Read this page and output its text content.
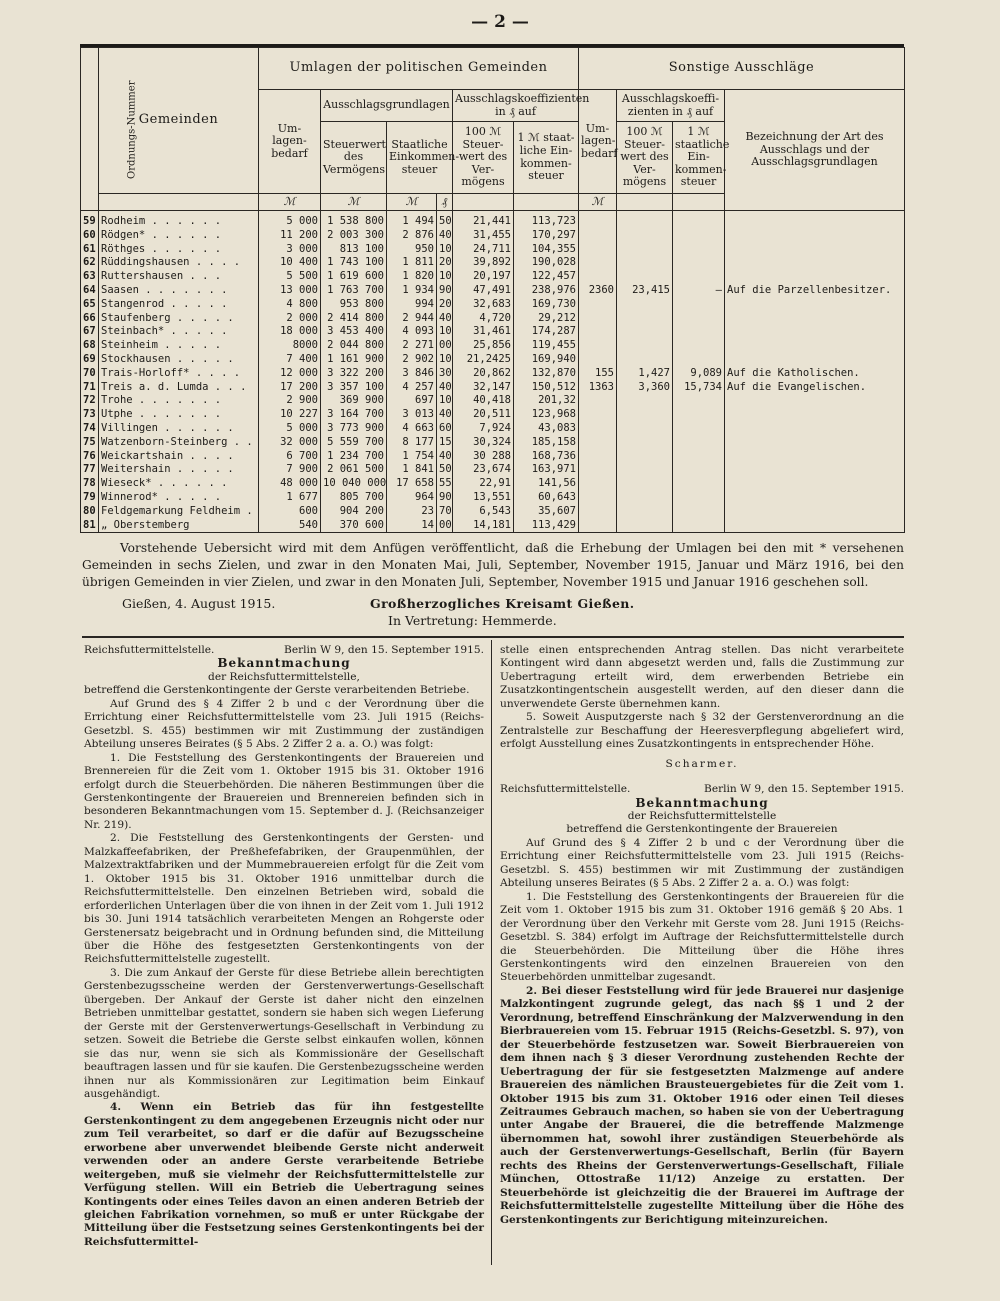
— 2 —
Ordnungs-Nummer	Gemeinden	Umlagen der politischen Gemeinden						Sonstige Ausschläge			
		Um-lagen-bedarf	Ausschlagsgrundlagen			Ausschlagskoeffizienten in ₰ auf		Um-lagen-bedarf	Ausschlagskoeffi-zienten in ₰ auf		Bezeichnung der Art des Ausschlags und der Ausschlagsgrundlagen
			Steuerwert des Vermögens	Staatliche Einkommen-steuer		100 ℳ Steuer-wert des Ver-mögens	1 ℳ staat-liche Ein-kommen-steuer		100 ℳ Steuer-wert des Ver-mögens	1 ℳ staatliche Ein-kommen-steuer	
		ℳ	ℳ	ℳ	₰			ℳ			
59	Rodheim . . . . . .	5 000	1 538 800	1 494	50	21,441	113,723				
60	Rödgen* . . . . . .	11 200	2 003 300	2 876	40	31,455	170,297				
61	Röthges . . . . . .	3 000	813 100	950	10	24,711	104,355				
62	Rüddingshausen . . . .	10 400	1 743 100	1 811	20	39,892	190,028				
63	Ruttershausen . . .	5 500	1 619 600	1 820	10	20,197	122,457				
64	Saasen . . . . . . .	13 000	1 763 700	1 934	90	47,491	238,976	2360	23,415	—	Auf die Parzellenbesitzer.
65	Stangenrod . . . . .	4 800	953 800	994	20	32,683	169,730				
66	Staufenberg . . . . .	2 000	2 414 800	2 944	40	4,720	29,212				
67	Steinbach* . . . . .	18 000	3 453 400	4 093	10	31,461	174,287				
68	Steinheim . . . . .	8000	2 044 800	2 271	00	25,856	119,455				
69	Stockhausen . . . . .	7 400	1 161 900	2 902	10	21,2425	169,940				
70	Trais-Horloff* . . . .	12 000	3 322 200	3 846	30	20,862	132,870	155	1,427	9,089	Auf die Katholischen.
71	Treis a. d. Lumda . . .	17 200	3 357 100	4 257	40	32,147	150,512	1363	3,360	15,734	Auf die Evangelischen.
72	Trohe . . . . . . .	2 900	369 900	697	10	40,418	201,32				
73	Utphe . . . . . . .	10 227	3 164 700	3 013	40	20,511	123,968				
74	Villingen . . . . . .	5 000	3 773 900	4 663	60	7,924	43,083				
75	Watzenborn-Steinberg . .	32 000	5 559 700	8 177	15	30,324	185,158				
76	Weickartshain . . . .	6 700	1 234 700	1 754	40	30 288	168,736				
77	Weitershain . . . . .	7 900	2 061 500	1 841	50	23,674	163,971				
78	Wieseck* . . . . . .	48 000	10 040 000	17 658	55	22,91	141,56				
79	Winnerod* . . . . .	1 677	805 700	964	90	13,551	60,643				
80	Feldgemarkung Feldheim .	600	904 200	23	70	6,543	35,607				
81	„ Oberstemberg	540	370 600	14	00	14,181	113,429				

Vorstehende Uebersicht wird mit dem Anfügen veröffentlicht, daß die Erhebung der Umlagen bei den mit * versehenen Gemeinden in sechs Zielen, und zwar in den Monaten Mai, Juli, September, November 1915, Januar und März 1916, bei den übrigen Gemeinden in vier Zielen, und zwar in den Monaten Juli, September, November 1915 und Januar 1916 geschehen soll.

Gießen, 4. August 1915.	Großherzogliches Kreisamt Gießen.
In Vertretung: Hemmerde.
Reichsfuttermittelstelle.	Berlin W 9, den 15. September 1915.

Bekanntmachung

der Reichsfuttermittelstelle,

betreffend die Gerstenkontingente der Gerste verarbeitenden Betriebe.

Auf Grund des § 4 Ziffer 2 b und c der Verordnung über die Errichtung einer Reichsfuttermittelstelle vom 23. Juli 1915 (Reichs-Gesetzbl. S. 455) bestimmen wir mit Zustimmung der zuständigen Abteilung unseres Beirates (§ 5 Abs. 2 Ziffer 2 a. a. O.) was folgt:

1. Die Feststellung des Gerstenkontingents der Brauereien und Brennereien für die Zeit vom 1. Oktober 1915 bis 31. Oktober 1916 erfolgt durch die Steuerbehörden. Die näheren Bestimmungen über die Gerstenkontingente der Brauereien und Brennereien befinden sich in besonderen Bekanntmachungen vom 15. September d. J. (Reichsanzeiger Nr. 219).

2. Die Feststellung des Gerstenkontingents der Gersten- und Malzkaffeefabriken, der Preßhefefabriken, der Graupenmühlen, der Malzextraktfabriken und der Mummebrauereien erfolgt für die Zeit vom 1. Oktober 1915 bis 31. Oktober 1916 unmittelbar durch die Reichsfuttermittelstelle. Den einzelnen Betrieben wird, sobald die erforderlichen Unterlagen über die von ihnen in der Zeit vom 1. Juli 1912 bis 30. Juni 1914 tatsächlich verarbeiteten Mengen an Rohgerste oder Gerstenersatz beigebracht und in Ordnung befunden sind, die Mitteilung über die Höhe des festgesetzten Gerstenkontingents von der Reichsfuttermittelstelle zugestellt.

3. Die zum Ankauf der Gerste für diese Betriebe allein berechtigten Gerstenbezugsscheine werden der Gerstenverwertungs-Gesellschaft übergeben. Der Ankauf der Gerste ist daher nicht den einzelnen Betrieben unmittelbar gestattet, sondern sie haben sich wegen Lieferung der Gerste mit der Gerstenverwertungs-Gesellschaft in Verbindung zu setzen. Soweit die Betriebe die Gerste selbst einkaufen wollen, können sie das nur, wenn sie sich als Kommissionäre der Gesellschaft beauftragen lassen und für sie kaufen. Die Gerstenbezugsscheine werden ihnen nur als Kommissionären zur Legitimation beim Einkauf ausgehändigt.

4. Wenn ein Betrieb das für ihn festgestellte Gerstenkontingent zu dem angegebenen Erzeugnis nicht oder nur zum Teil verarbeitet, so darf er die dafür auf Bezugsscheine erworbene aber unverwendet bleibende Gerste nicht anderweit verwenden oder an andere Gerste verarbeitende Betriebe weitergeben, muß sie vielmehr der Reichsfuttermittelstelle zur Verfügung stellen. Will ein Betrieb die Uebertragung seines Kontingents oder eines Teiles davon an einen anderen Betrieb der gleichen Fabrikation vornehmen, so muß er unter Rückgabe der Mitteilung über die Festsetzung seines Gerstenkontingents bei der Reichsfuttermittel-

stelle einen entsprechenden Antrag stellen. Das nicht verarbeitete Kontingent wird dann abgesetzt werden und, falls die Zustimmung zur Uebertragung erteilt wird, dem erwerbenden Betriebe ein Zusatzkontingentschein ausgestellt werden, auf den dieser dann die unverwendete Gerste übernehmen kann.

5. Soweit Ausputzgerste nach § 32 der Gerstenverordnung an die Zentralstelle zur Beschaffung der Heeresverpflegung abgeliefert wird, erfolgt Ausstellung eines Zusatzkontingents in entsprechender Höhe.

Scharmer.

Reichsfuttermittelstelle.	Berlin W 9, den 15. September 1915.

Bekanntmachung

der Reichsfuttermittelstelle

betreffend die Gerstenkontingente der Brauereien

Auf Grund des § 4 Ziffer 2 b und c der Verordnung über die Errichtung einer Reichsfuttermittelstelle vom 23. Juli 1915 (Reichs-Gesetzbl. S. 455) bestimmen wir mit Zustimmung der zuständigen Abteilung unseres Beirates (§ 5 Abs. 2 Ziffer 2 a. a. O.) was folgt:

1. Die Feststellung des Gerstenkontingents der Brauereien für die Zeit vom 1. Oktober 1915 bis zum 31. Oktober 1916 gemäß § 20 Abs. 1 der Verordnung über den Verkehr mit Gerste vom 28. Juni 1915 (Reichs-Gesetzbl. S. 384) erfolgt im Auftrage der Reichsfuttermittelstelle durch die Steuerbehörden. Die Mitteilung über die Höhe ihres Gerstenkontingents wird den einzelnen Brauereien von den Steuerbehörden unmittelbar zugesandt.

2. Bei dieser Feststellung wird für jede Brauerei nur dasjenige Malzkontingent zugrunde gelegt, das nach §§ 1 und 2 der Verordnung, betreffend Einschränkung der Malzverwendung in den Bierbrauereien vom 15. Februar 1915 (Reichs-Gesetzbl. S. 97), von der Steuerbehörde festzusetzen war. Soweit Bierbrauereien von dem ihnen nach § 3 dieser Verordnung zustehenden Rechte der Uebertragung der für sie festgesetzten Malzmenge auf andere Brauereien des nämlichen Brausteuergebietes für die Zeit vom 1. Oktober 1915 bis zum 31. Oktober 1916 oder einen Teil dieses Zeitraumes Gebrauch machen, so haben sie von der Uebertragung unter Angabe der Brauerei, die die betreffende Malzmenge übernommen hat, sowohl ihrer zuständigen Steuerbehörde als auch der Gerstenverwertungs-Gesellschaft, Berlin (für Bayern rechts des Rheins der Gerstenverwertungs-Gesellschaft, Filiale München, Ottostraße 11/12) Anzeige zu erstatten. Der Steuerbehörde ist gleichzeitig die der Brauerei im Auftrage der Reichsfuttermittelstelle zugestellte Mitteilung über die Höhe des Gerstenkontingents zur Berichtigung miteinzureichen.
